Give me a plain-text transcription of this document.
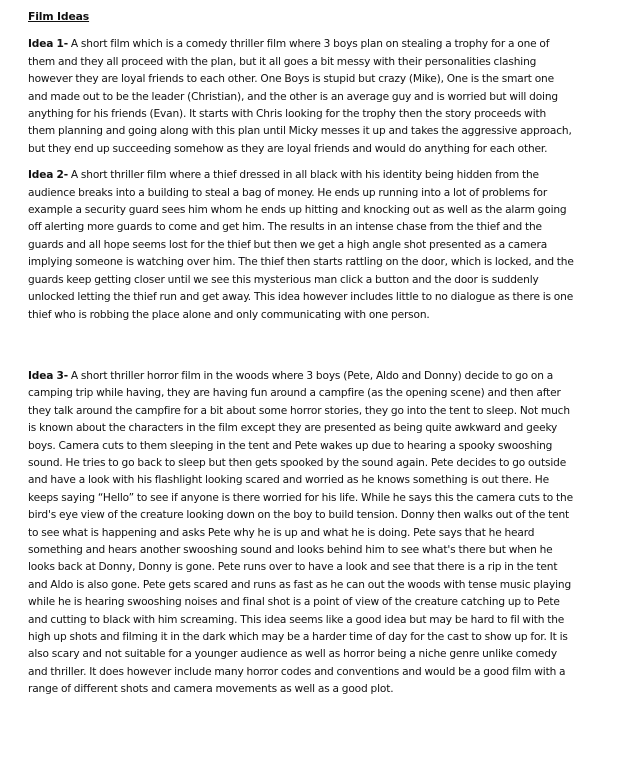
Film Ideas

Idea 1- A short film which is a comedy thriller film where 3 boys plan on stealing a trophy for a one of them and they all proceed with the plan, but it all goes a bit messy with their personalities clashing however they are loyal friends to each other. One Boys is stupid but crazy (Mike), One is the smart one and made out to be the leader (Christian), and the other is an average guy and is worried but will doing anything for his friends (Evan). It starts with Chris looking for the trophy then the story proceeds with them planning and going along with this plan until Micky messes it up and takes the aggressive approach, but they end up succeeding somehow as they are loyal friends and would do anything for each other.

Idea 2- A short thriller film where a thief dressed in all black with his identity being hidden from the audience breaks into a building to steal a bag of money. He ends up running into a lot of problems for example a security guard sees him whom he ends up hitting and knocking out as well as the alarm going off alerting more guards to come and get him. The results in an intense chase from the thief and the guards and all hope seems lost for the thief but then we get a high angle shot presented as a camera implying someone is watching over him. The thief then starts rattling on the door, which is locked, and the guards keep getting closer until we see this mysterious man click a button and the door is suddenly unlocked letting the thief run and get away. This idea however includes little to no dialogue as there is one thief who is robbing the place alone and only communicating with one person.

Idea 3- A short thriller horror film in the woods where 3 boys (Pete, Aldo and Donny) decide to go on a camping trip while having, they are having fun around a campfire (as the opening scene) and then after they talk around the campfire for a bit about some horror stories, they go into the tent to sleep. Not much is known about the characters in the film except they are presented as being quite awkward and geeky boys. Camera cuts to them sleeping in the tent and Pete wakes up due to hearing a spooky swooshing sound. He tries to go back to sleep but then gets spooked by the sound again. Pete decides to go outside and have a look with his flashlight looking scared and worried as he knows something is out there. He keeps saying “Hello” to see if anyone is there worried for his life. While he says this the camera cuts to the bird's eye view of the creature looking down on the boy to build tension. Donny then walks out of the tent to see what is happening and asks Pete why he is up and what he is doing. Pete says that he heard something and hears another swooshing sound and looks behind him to see what's there but when he looks back at Donny, Donny is gone. Pete runs over to have a look and see that there is a rip in the tent and Aldo is also gone. Pete gets scared and runs as fast as he can out the woods with tense music playing while he is hearing swooshing noises and final shot is a point of view of the creature catching up to Pete and cutting to black with him screaming. This idea seems like a good idea but may be hard to fil with the high up shots and filming it in the dark which may be a harder time of day for the cast to show up for. It is also scary and not suitable for a younger audience as well as horror being a niche genre unlike comedy and thriller. It does however include many horror codes and conventions and would be a good film with a range of different shots and camera movements as well as a good plot.
